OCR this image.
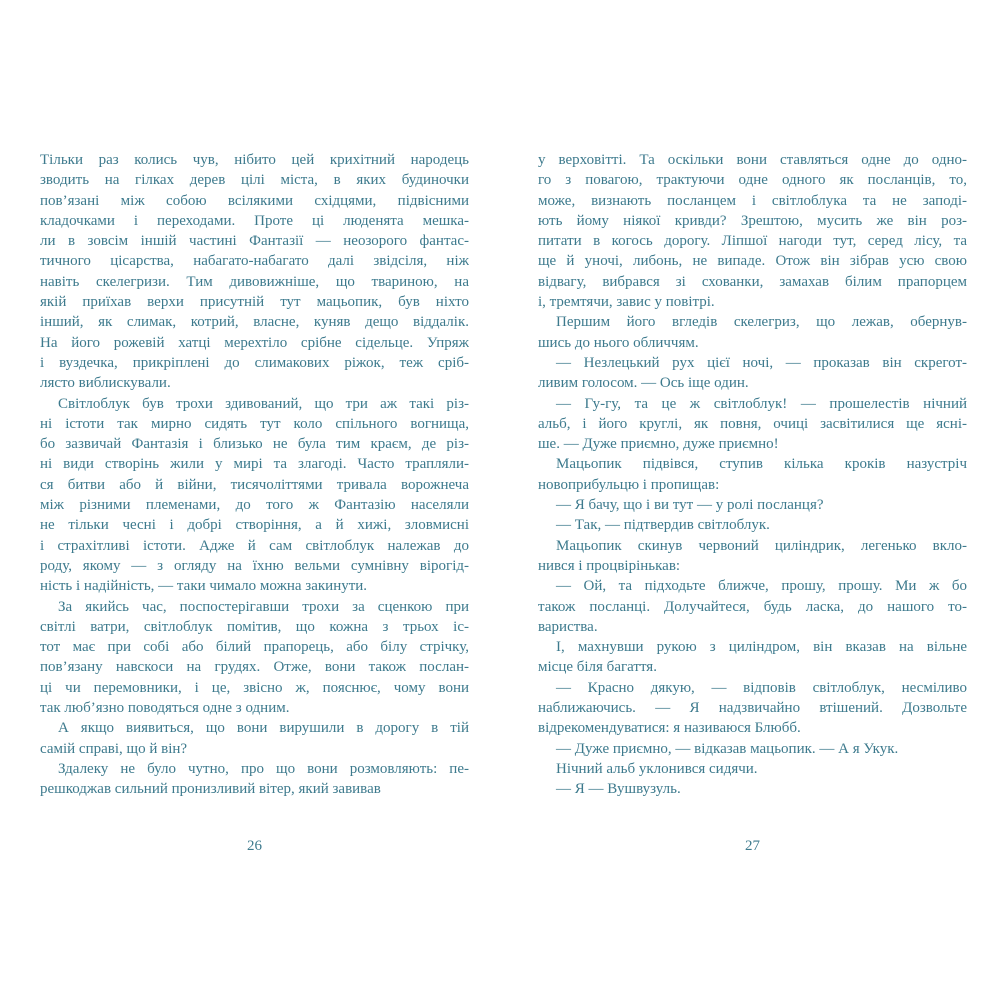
Тільки раз колись чув, нібито цей крихітний народець
зводить на гілках дерев цілі міста, в яких будиночки
пов’язані між собою всілякими східцями, підвісними
кладочками і переходами. Проте ці люденята мешка-
ли в зовсім іншій частині Фантазії — неозорого фантас-
тичного цісарства, набагато-набагато далі звідсіля, ніж
навіть скелегризи. Тим дивовижніше, що твариною, на
якій приїхав верхи присутній тут мацьопик, був ніхто
інший, як слимак, котрий, власне, куняв дещо віддалік.
На його рожевій хатці мерехтіло срібне сідельце. Упряж
і вуздечка, прикріплені до слимакових ріжок, теж сріб-
лясто виблискували.
Світлоблук був трохи здивований, що три аж такі різ-
ні істоти так мирно сидять тут коло спільного вогнища,
бо зазвичай Фантазія і близько не була тим краєм, де різ-
ні види створінь жили у мирі та злагоді. Часто трапляли-
ся битви або й війни, тисячоліттями тривала ворожнеча
між різними племенами, до того ж Фантазію населяли
не тільки чесні і добрі створіння, а й хижі, зловмисні
і страхітливі істоти. Адже й сам світлоблук належав до
роду, якому — з огляду на їхню вельми сумнівну вірогід-
ність і надійність, — таки чимало можна закинути.
За якийсь час, поспостерігавши трохи за сценкою при
світлі ватри, світлоблук помітив, що кожна з трьох іс-
тот має при собі або білий прапорець, або білу стрічку,
пов’язану навскоси на грудях. Отже, вони також послан-
ці чи перемовники, і це, звісно ж, пояснює, чому вони
так люб’язно поводяться одне з одним.
А якщо виявиться, що вони вирушили в дорогу в тій
самій справі, що й він?
Здалеку не було чутно, про що вони розмовляють: пе-
решкоджав сильний пронизливий вітер, який завивав
у верховітті. Та оскільки вони ставляться одне до одно-
го з повагою, трактуючи одне одного як посланців, то,
може, визнають посланцем і світлоблука та не заподі-
ють йому ніякої кривди? Зрештою, мусить же він роз-
питати в когось дорогу. Ліпшої нагоди тут, серед лісу, та
ще й уночі, либонь, не випаде. Отож він зібрав усю свою
відвагу, вибрався зі схованки, замахав білим прапорцем
і, тремтячи, завис у повітрі.
Першим його вгледів скелегриз, що лежав, обернув-
шись до нього обличчям.
— Незлецький рух цієї ночі, — проказав він скрегот-
ливим голосом. — Ось іще один.
— Гу-гу, та це ж світлоблук! — прошелестів нічний
альб, і його круглі, як повня, очиці засвітилися ще ясні-
ше. — Дуже приємно, дуже приємно!
Мацьопик підвівся, ступив кілька кроків назустріч
новоприбульцю і пропищав:
— Я бачу, що і ви тут — у ролі посланця?
— Так, — підтвердив світлоблук.
Мацьопик скинув червоний циліндрик, легенько вкло-
нився і процвірінькав:
— Ой, та підходьте ближче, прошу, прошу. Ми ж бо
також посланці. Долучайтеся, будь ласка, до нашого то-
вариства.
І, махнувши рукою з циліндром, він вказав на вільне
місце біля багаття.
— Красно дякую, — відповів світлоблук, несміливо
наближаючись. — Я надзвичайно втішений. Дозвольте
відрекомендуватися: я називаюся Блюбб.
— Дуже приємно, — відказав мацьопик. — А я Укук.
Нічний альб уклонився сидячи.
— Я — Вушвузуль.
26	27
